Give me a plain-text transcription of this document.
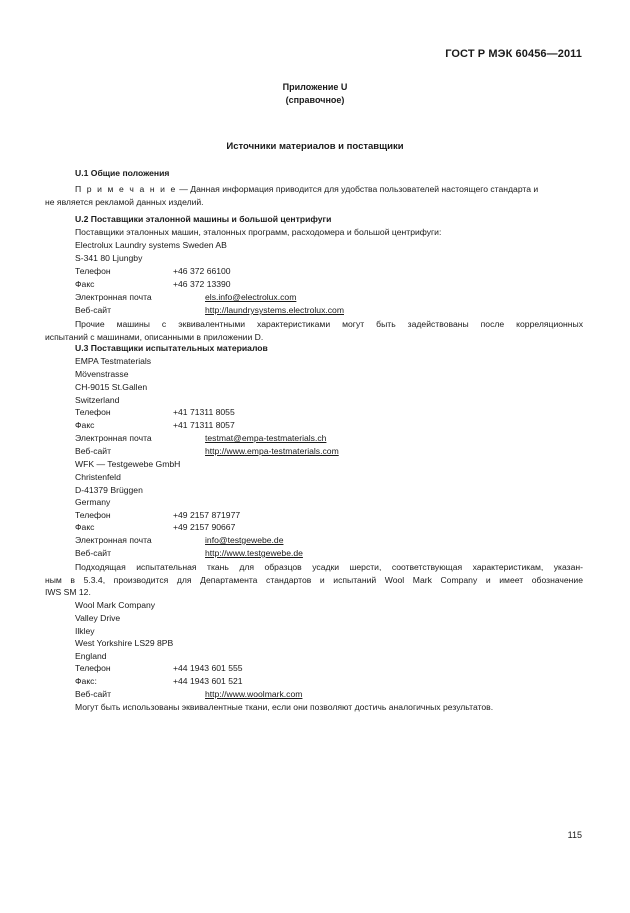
ГОСТ Р МЭК 60456—2011
Приложение U
(справочное)
Источники материалов и поставщики
U.1 Общие положения
П р и м е ч а н и е — Данная информация приводится для удобства пользователей настоящего стандарта и
не является рекламой данных изделий.
U.2 Поставщики эталонной машины и большой центрифуги
Поставщики эталонных машин, эталонных программ, расходомера и большой центрифуги:
Electrolux Laundry systems Sweden AB
S-341 80 Ljungby
Телефон	+46 372 66100
Факс	+46 372 13390
Электронная почта	els.info@electrolux.com
Веб-сайт	http://laundrysystems.electrolux.com
Прочие машины с эквивалентными характеристиками могут быть задействованы после корреляционных
испытаний с машинами, описанными в приложении D.
U.3 Поставщики испытательных материалов
EMPA Testmaterials
Mövenstrasse
CH-9015 St.Gallen
Switzerland
Телефон	+41 71311 8055
Факс	+41 71311 8057
Электронная почта	testmat@empa-testmaterials.ch
Веб-сайт	http://www.empa-testmaterials.com
WFK — Testgewebe GmbH
Christenfeld
D-41379 Brüggen
Germany
Телефон	+49 2157 871977
Факс	+49 2157 90667
Электронная почта	info@testgewebe.de
Веб-сайт	http://www.testgewebe.de
Подходящая испытательная ткань для образцов усадки шерсти, соответствующая характеристикам, указан-
ным в 5.3.4, производится для Департамента стандартов и испытаний Wool Mark Company и имеет обозначение
IWS SM 12.
Wool Mark Company
Valley Drive
Ilkley
West Yorkshire LS29 8PB
England
Телефон	+44 1943 601 555
Факс:	+44 1943 601 521
Веб-сайт	http://www.woolmark.com
Могут быть использованы эквивалентные ткани, если они позволяют достичь аналогичных результатов.
115
